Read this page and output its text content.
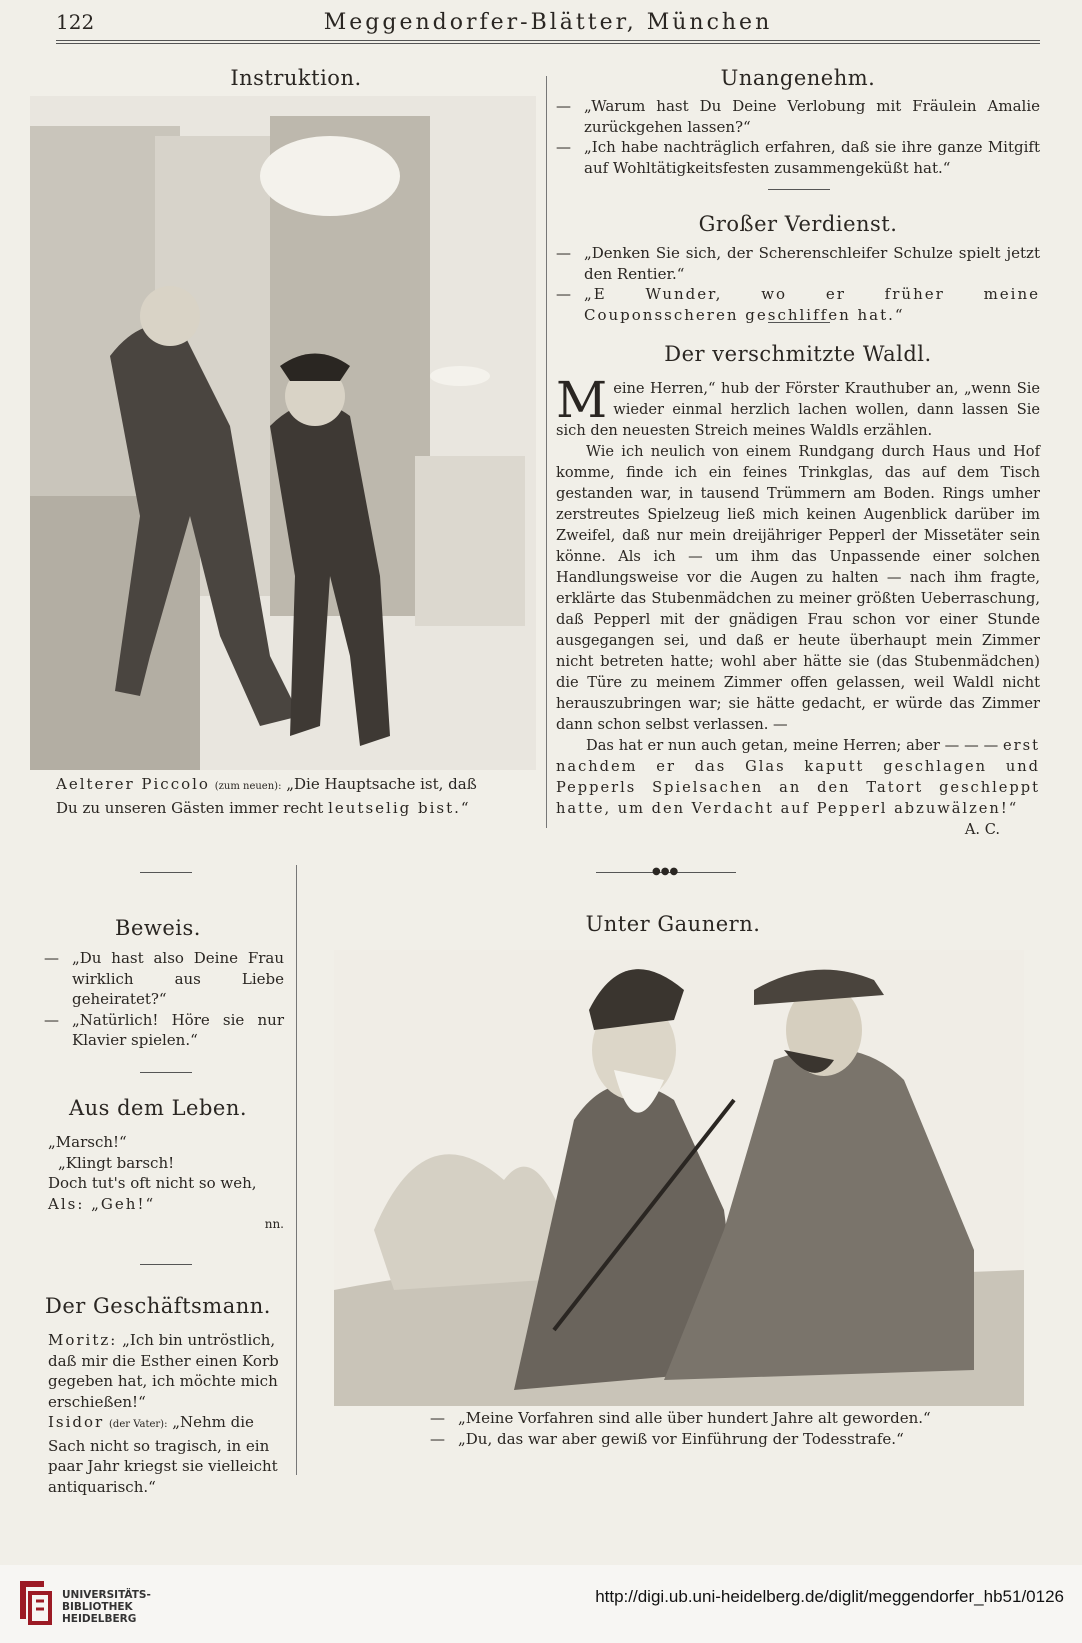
122	Meggendorfer-Blätter, München
Instruktion.

Aelterer Piccolo (zum neuen): „Die Hauptsache ist, daß

Du zu unseren Gästen immer recht leutselig bist.“

Unangenehm.
— „Warum hast Du Deine Verlobung mit Fräulein Amalie zurückgehen lassen?“
— „Ich habe nachträglich erfahren, daß sie ihre ganze Mitgift auf Wohltätigkeitsfesten zusammengeküßt hat.“
Großer Verdienst.
— „Denken Sie sich, der Scherenschleifer Schulze spielt jetzt den Rentier.“
— „E Wunder, wo er früher meine Couponsscheren geschliffen hat.“
Der verschmitzte Waldl.

Meine Herren,“ hub der Förster Krauthuber an, „wenn Sie wieder einmal herzlich lachen wollen, dann lassen Sie sich den neuesten Streich meines Waldls erzählen.

Wie ich neulich von einem Rundgang durch Haus und Hof komme, finde ich ein feines Trinkglas, das auf dem Tisch gestanden war, in tausend Trümmern am Boden. Rings umher zerstreutes Spielzeug ließ mich keinen Augenblick darüber im Zweifel, daß nur mein dreijähriger Pepperl der Missetäter sein könne. Als ich — um ihm das Unpassende einer solchen Handlungsweise vor die Augen zu halten — nach ihm fragte, erklärte das Stubenmädchen zu meiner größten Ueberraschung, daß Pepperl mit der gnädigen Frau schon vor einer Stunde ausgegangen sei, und daß er heute überhaupt mein Zimmer nicht betreten hatte; wohl aber hätte sie (das Stubenmädchen) die Türe zu meinem Zimmer offen gelassen, weil Waldl nicht herauszubringen war; sie hätte gedacht, er würde das Zimmer dann schon selbst verlassen. —

Das hat er nun auch getan, meine Herren; aber — — — erst nachdem er das Glas kaputt geschlagen und Pepperls Spielsachen an den Tatort geschleppt hatte, um den Verdacht auf Pepperl abzuwälzen!“

A. C.

●●●
Beweis.
— „Du hast also Deine Frau wirklich aus Liebe geheiratet?“
— „Natürlich! Höre sie nur Klavier spielen.“
Aus dem Leben.

„Marsch!“

„Klingt barsch!

Doch tut's oft nicht so weh,

Als: „Geh!“

nn.

Der Geschäftsmann.

Moritz: „Ich bin untröstlich, daß mir die Esther einen Korb gegeben hat, ich möchte mich erschießen!“

Isidor (der Vater): „Nehm die Sach nicht so tragisch, in ein paar Jahr kriegst sie vielleicht antiquarisch.“

Unter Gaunern.
— „Meine Vorfahren sind alle über hundert Jahre alt geworden.“
— „Du, das war aber gewiß vor Einführung der Todesstrafe.“
UNIVERSITÄTS-
BIBLIOTHEK
HEIDELBERG
http://digi.ub.uni-heidelberg.de/diglit/meggendorfer_hb51/0126
